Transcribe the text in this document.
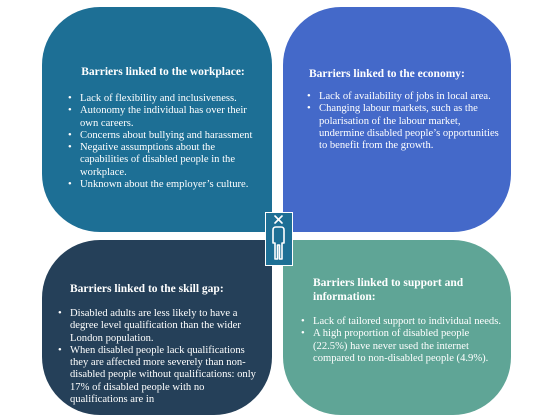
Barriers linked to the workplace:
• Lack of flexibility and inclusiveness.
• Autonomy the individual has over their own careers.
• Concerns about bullying and harassment
• Negative assumptions about the capabilities of disabled people in the workplace.
• Unknown about the employer’s culture.
Barriers linked to the economy:
• Lack of availability of jobs in local area.
• Changing labour markets, such as the polarisation of the labour market, undermine disabled people’s opportunities to benefit from the growth.
Barriers linked to the skill gap:
• Disabled adults are less likely to have a degree level qualification than the wider London population.
• When disabled people lack qualifications they are affected more severely than non-disabled people without qualifications: only 17% of disabled people with no qualifications are in
Barriers linked to support and information:
• Lack of tailored support to individual needs.
• A high proportion of disabled people (22.5%) have never used the internet compared to non-disabled people (4.9%).
